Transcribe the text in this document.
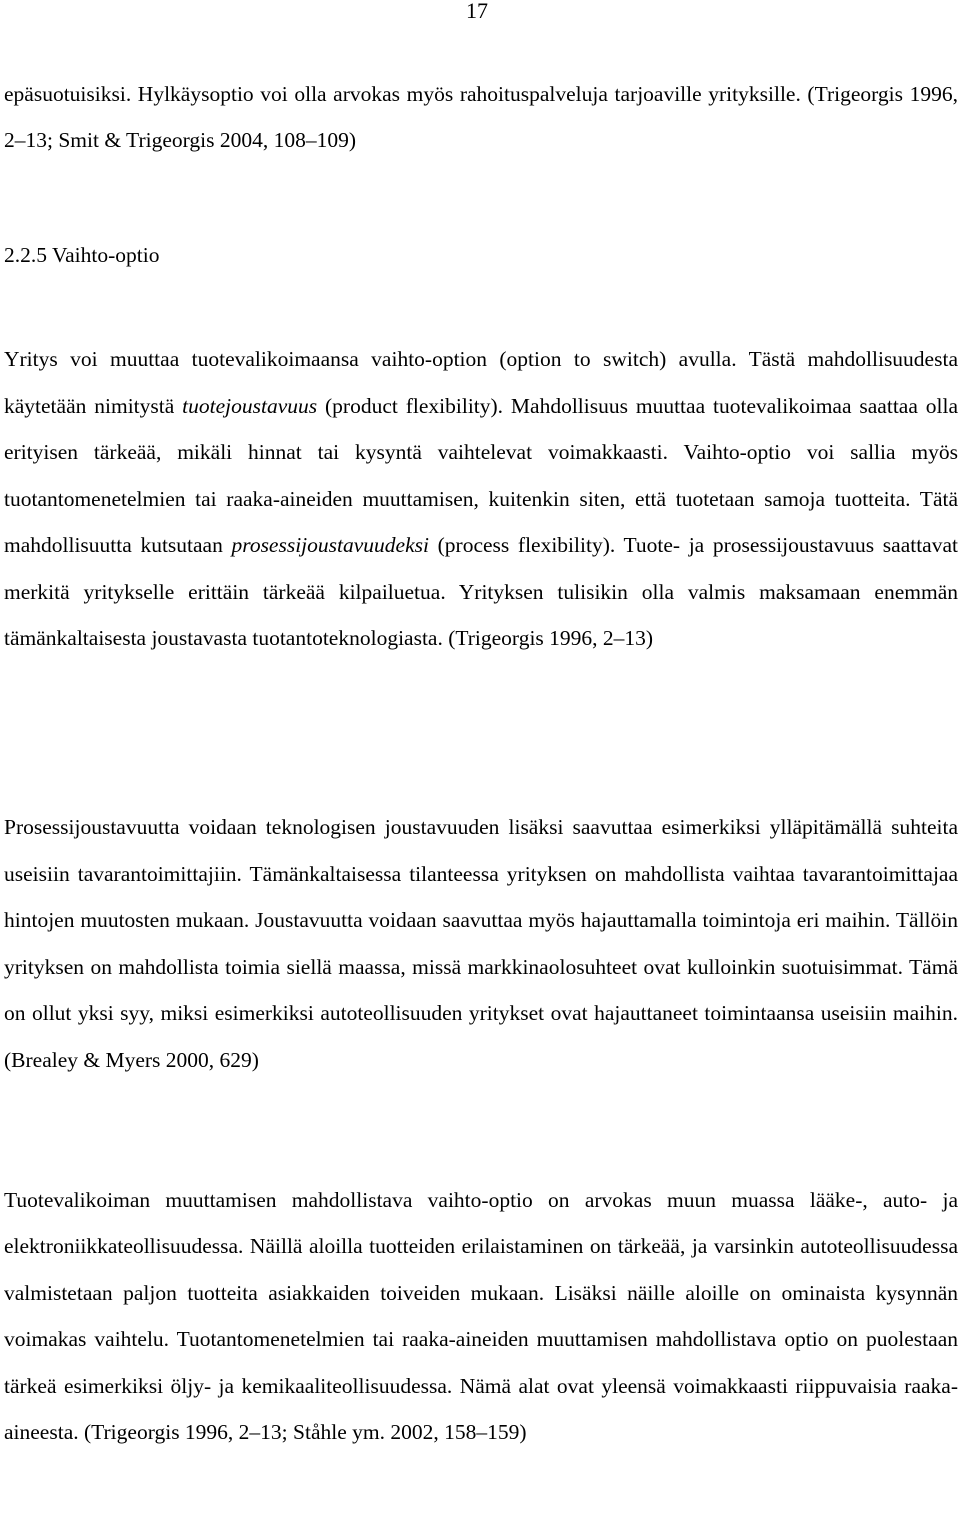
17

epäsuotuisiksi. Hylkäysoptio voi olla arvokas myös rahoituspalveluja tarjoaville yrityksille. (Trigeorgis 1996, 2–13; Smit & Trigeorgis 2004, 108–109)

2.2.5 Vaihto-optio

Yritys voi muuttaa tuotevalikoimaansa vaihto-option (option to switch) avulla. Tästä mahdollisuudesta käytetään nimitystä tuotejoustavuus (product flexibility). Mahdollisuus muuttaa tuotevalikoimaa saattaa olla erityisen tärkeää, mikäli hinnat tai kysyntä vaihtelevat voimakkaasti. Vaihto-optio voi sallia myös tuotantomenetelmien tai raaka-aineiden muuttamisen, kuitenkin siten, että tuotetaan samoja tuotteita. Tätä mahdollisuutta kutsutaan prosessijoustavuudeksi (process flexibility). Tuote- ja prosessijoustavuus saattavat merkitä yritykselle erittäin tärkeää kilpailuetua. Yrityksen tulisikin olla valmis maksamaan enemmän tämänkaltaisesta joustavasta tuotantoteknologiasta. (Trigeorgis 1996, 2–13)

Prosessijoustavuutta voidaan teknologisen joustavuuden lisäksi saavuttaa esimerkiksi ylläpitämällä suhteita useisiin tavarantoimittajiin. Tämänkaltaisessa tilanteessa yrityksen on mahdollista vaihtaa tavarantoimittajaa hintojen muutosten mukaan. Joustavuutta voidaan saavuttaa myös hajauttamalla toimintoja eri maihin. Tällöin yrityksen on mahdollista toimia siellä maassa, missä markkinaolosuhteet ovat kulloinkin suotuisimmat. Tämä on ollut yksi syy, miksi esimerkiksi autoteollisuuden yritykset ovat hajauttaneet toimintaansa useisiin maihin. (Brealey & Myers 2000, 629)

Tuotevalikoiman muuttamisen mahdollistava vaihto-optio on arvokas muun muassa lääke-, auto- ja elektroniikkateollisuudessa. Näillä aloilla tuotteiden erilaistaminen on tärkeää, ja varsinkin autoteollisuudessa valmistetaan paljon tuotteita asiakkaiden toiveiden mukaan. Lisäksi näille aloille on ominaista kysynnän voimakas vaihtelu. Tuotantomenetelmien tai raaka-aineiden muuttamisen mahdollistava optio on puolestaan tärkeä esimerkiksi öljy- ja kemikaaliteollisuudessa. Nämä alat ovat yleensä voimakkaasti riippuvaisia raaka-aineesta. (Trigeorgis 1996, 2–13; Ståhle ym. 2002, 158–159)
